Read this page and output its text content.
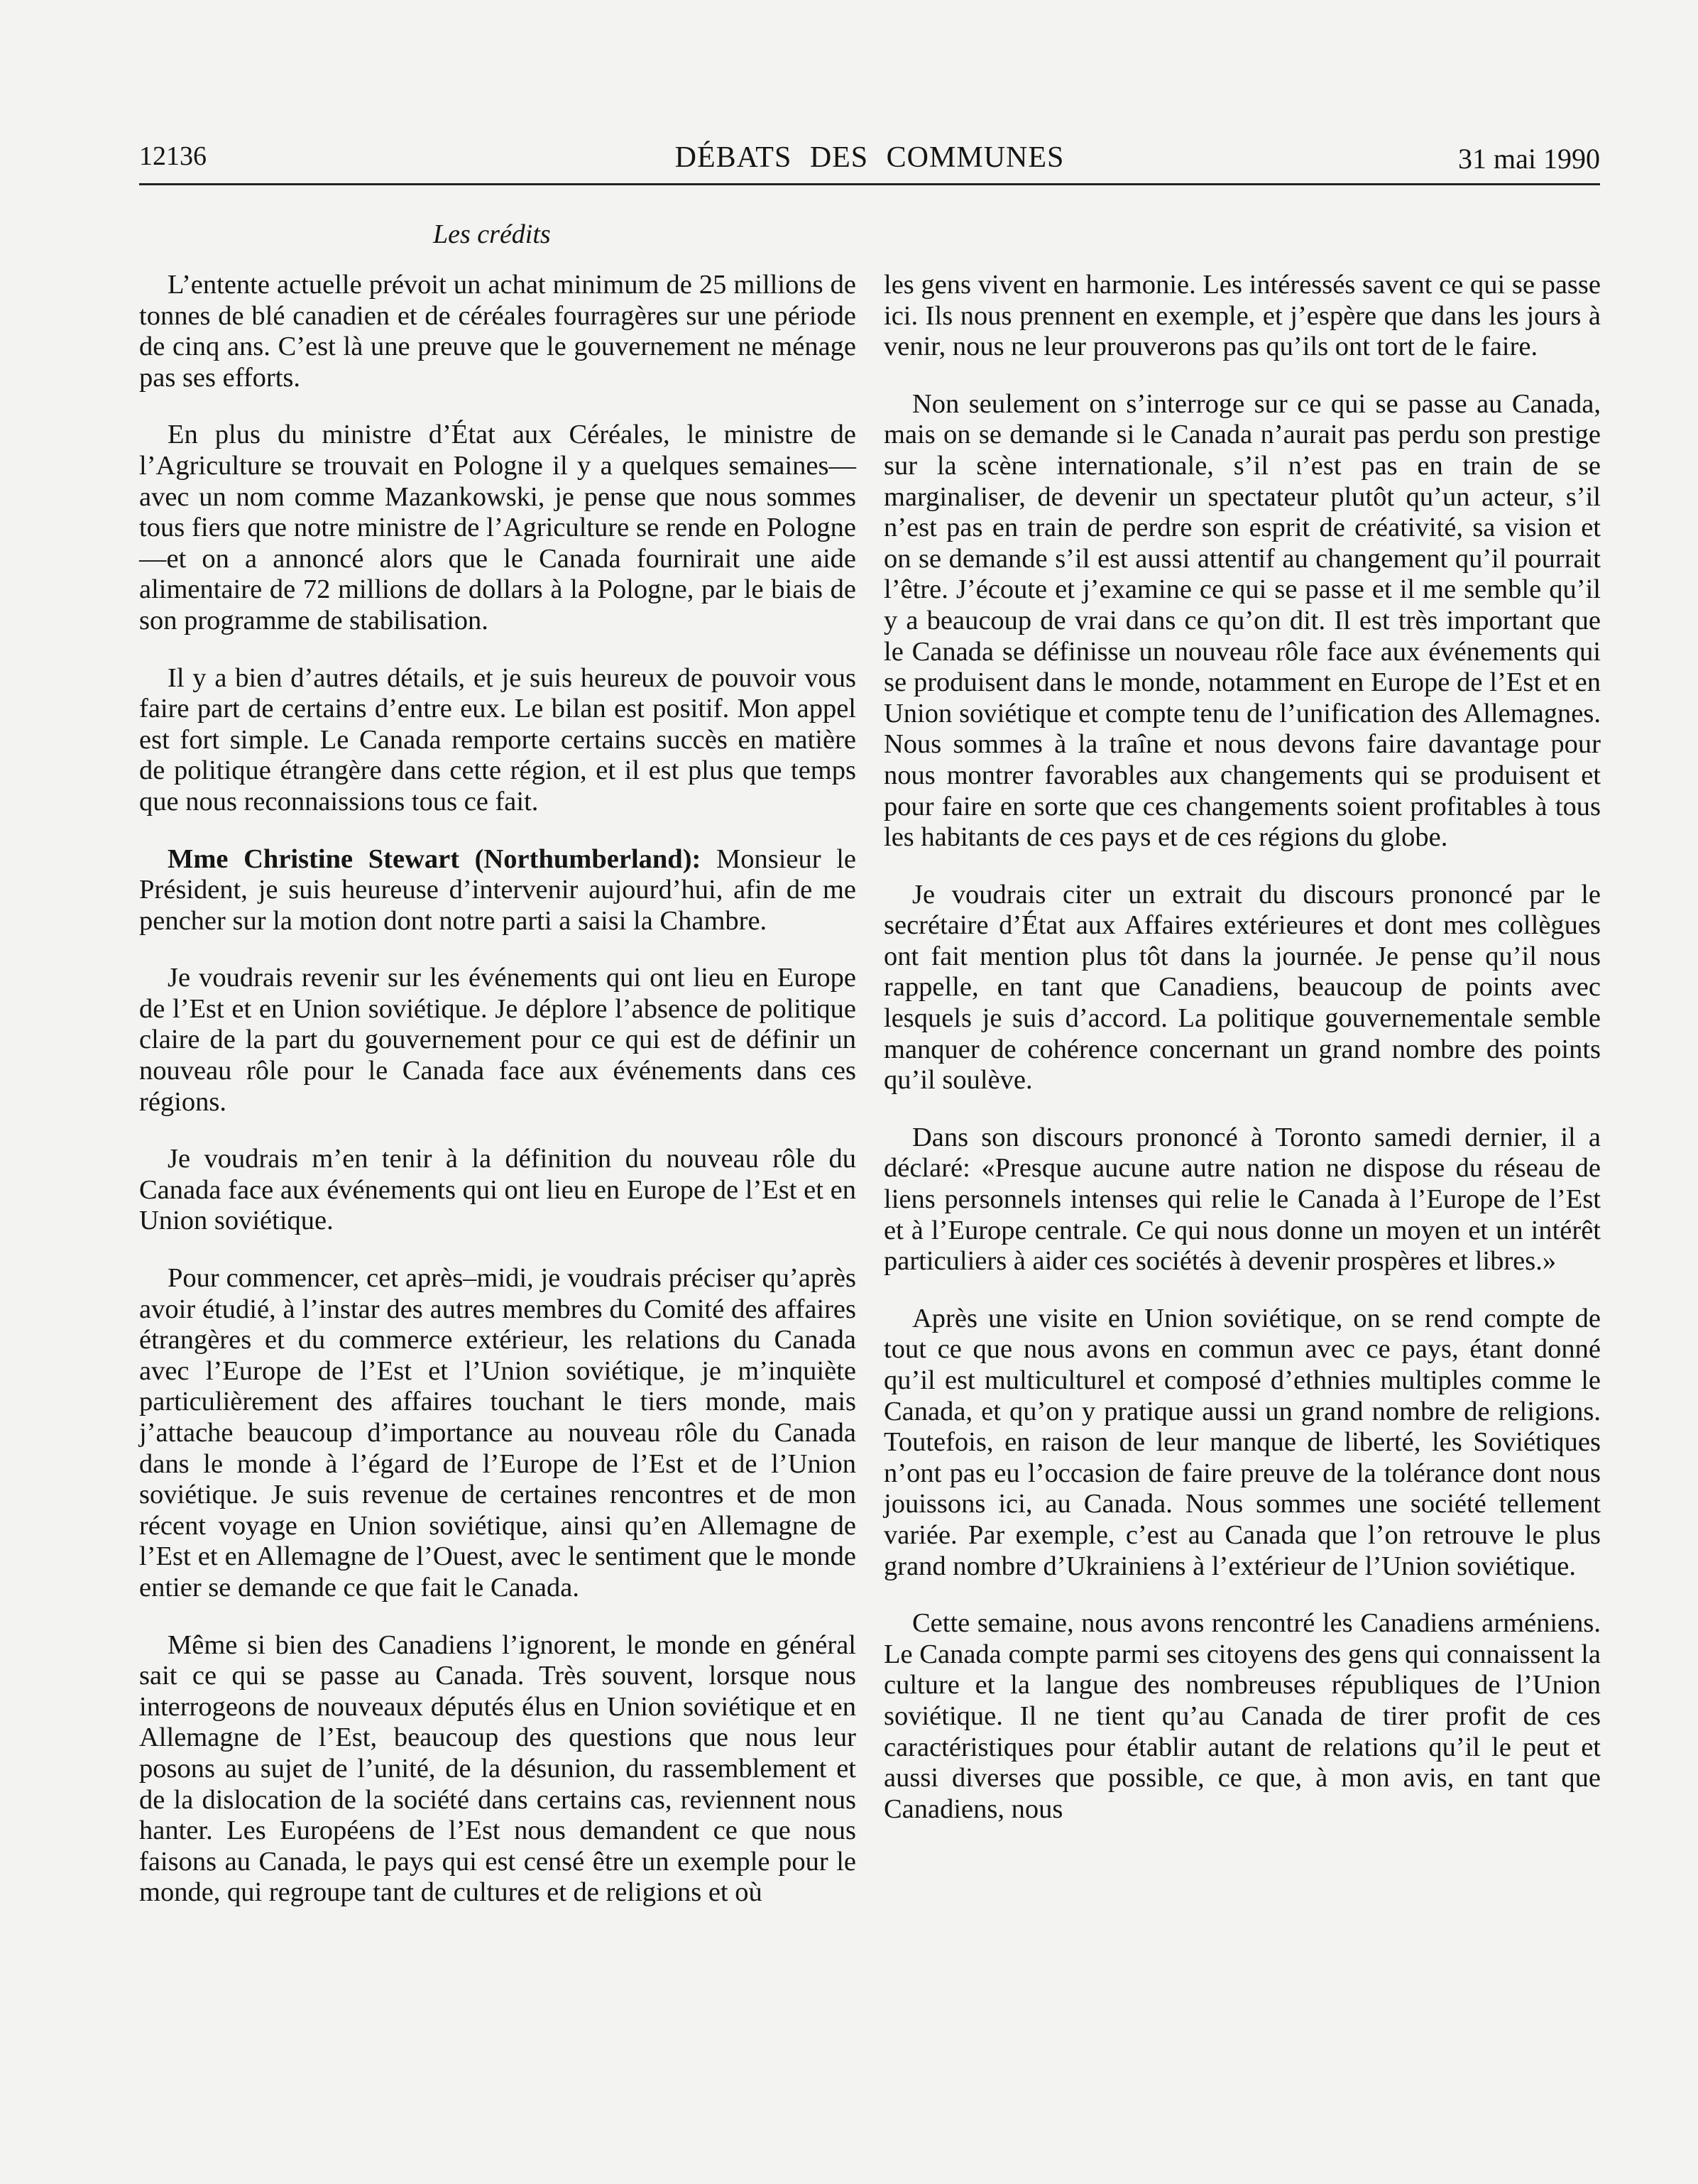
12136	DÉBATS DES COMMUNES	31 mai 1990
Les crédits

L’entente actuelle prévoit un achat minimum de 25 millions de tonnes de blé canadien et de céréales fourragères sur une période de cinq ans. C’est là une preuve que le gouvernement ne ménage pas ses efforts.

En plus du ministre d’État aux Céréales, le ministre de l’Agriculture se trouvait en Pologne il y a quelques semaines—avec un nom comme Mazankowski, je pense que nous sommes tous fiers que notre ministre de l’Agriculture se rende en Pologne—et on a annoncé alors que le Canada fournirait une aide alimentaire de 72 millions de dollars à la Pologne, par le biais de son programme de stabilisation.

Il y a bien d’autres détails, et je suis heureux de pouvoir vous faire part de certains d’entre eux. Le bilan est positif. Mon appel est fort simple. Le Canada remporte certains succès en matière de politique étrangère dans cette région, et il est plus que temps que nous reconnaissions tous ce fait.

Mme Christine Stewart (Northumberland): Monsieur le Président, je suis heureuse d’intervenir aujourd’hui, afin de me pencher sur la motion dont notre parti a saisi la Chambre.

Je voudrais revenir sur les événements qui ont lieu en Europe de l’Est et en Union soviétique. Je déplore l’absence de politique claire de la part du gouvernement pour ce qui est de définir un nouveau rôle pour le Canada face aux événements dans ces régions.

Je voudrais m’en tenir à la définition du nouveau rôle du Canada face aux événements qui ont lieu en Europe de l’Est et en Union soviétique.

Pour commencer, cet après–midi, je voudrais préciser qu’après avoir étudié, à l’instar des autres membres du Comité des affaires étrangères et du commerce extérieur, les relations du Canada avec l’Europe de l’Est et l’Union soviétique, je m’inquiète particulièrement des affaires touchant le tiers monde, mais j’attache beaucoup d’importance au nouveau rôle du Canada dans le monde à l’égard de l’Europe de l’Est et de l’Union soviétique. Je suis revenue de certaines rencontres et de mon récent voyage en Union soviétique, ainsi qu’en Allemagne de l’Est et en Allemagne de l’Ouest, avec le sentiment que le monde entier se demande ce que fait le Canada.

Même si bien des Canadiens l’ignorent, le monde en général sait ce qui se passe au Canada. Très souvent, lorsque nous interrogeons de nouveaux députés élus en Union soviétique et en Allemagne de l’Est, beaucoup des questions que nous leur posons au sujet de l’unité, de la désunion, du rassemblement et de la dislocation de la société dans certains cas, reviennent nous hanter. Les Européens de l’Est nous demandent ce que nous faisons au Canada, le pays qui est censé être un exemple pour le monde, qui regroupe tant de cultures et de religions et où

les gens vivent en harmonie. Les intéressés savent ce qui se passe ici. Ils nous prennent en exemple, et j’espère que dans les jours à venir, nous ne leur prouverons pas qu’ils ont tort de le faire.

Non seulement on s’interroge sur ce qui se passe au Canada, mais on se demande si le Canada n’aurait pas perdu son prestige sur la scène internationale, s’il n’est pas en train de se marginaliser, de devenir un spectateur plutôt qu’un acteur, s’il n’est pas en train de perdre son esprit de créativité, sa vision et on se demande s’il est aussi attentif au changement qu’il pourrait l’être. J’écoute et j’examine ce qui se passe et il me semble qu’il y a beaucoup de vrai dans ce qu’on dit. Il est très important que le Canada se définisse un nouveau rôle face aux événements qui se produisent dans le monde, notamment en Europe de l’Est et en Union soviétique et compte tenu de l’unification des Allemagnes. Nous sommes à la traîne et nous devons faire davantage pour nous montrer favorables aux changements qui se produisent et pour faire en sorte que ces changements soient profitables à tous les habitants de ces pays et de ces régions du globe.

Je voudrais citer un extrait du discours prononcé par le secrétaire d’État aux Affaires extérieures et dont mes collègues ont fait mention plus tôt dans la journée. Je pense qu’il nous rappelle, en tant que Canadiens, beaucoup de points avec lesquels je suis d’accord. La politique gouvernementale semble manquer de cohérence concernant un grand nombre des points qu’il soulève.

Dans son discours prononcé à Toronto samedi dernier, il a déclaré: «Presque aucune autre nation ne dispose du réseau de liens personnels intenses qui relie le Canada à l’Europe de l’Est et à l’Europe centrale. Ce qui nous donne un moyen et un intérêt particuliers à aider ces sociétés à devenir prospères et libres.»

Après une visite en Union soviétique, on se rend compte de tout ce que nous avons en commun avec ce pays, étant donné qu’il est multiculturel et composé d’ethnies multiples comme le Canada, et qu’on y pratique aussi un grand nombre de religions. Toutefois, en raison de leur manque de liberté, les Soviétiques n’ont pas eu l’occasion de faire preuve de la tolérance dont nous jouissons ici, au Canada. Nous sommes une société tellement variée. Par exemple, c’est au Canada que l’on retrouve le plus grand nombre d’Ukrainiens à l’extérieur de l’Union soviétique.

Cette semaine, nous avons rencontré les Canadiens arméniens. Le Canada compte parmi ses citoyens des gens qui connaissent la culture et la langue des nombreuses républiques de l’Union soviétique. Il ne tient qu’au Canada de tirer profit de ces caractéristiques pour établir autant de relations qu’il le peut et aussi diverses que possible, ce que, à mon avis, en tant que Canadiens, nous
